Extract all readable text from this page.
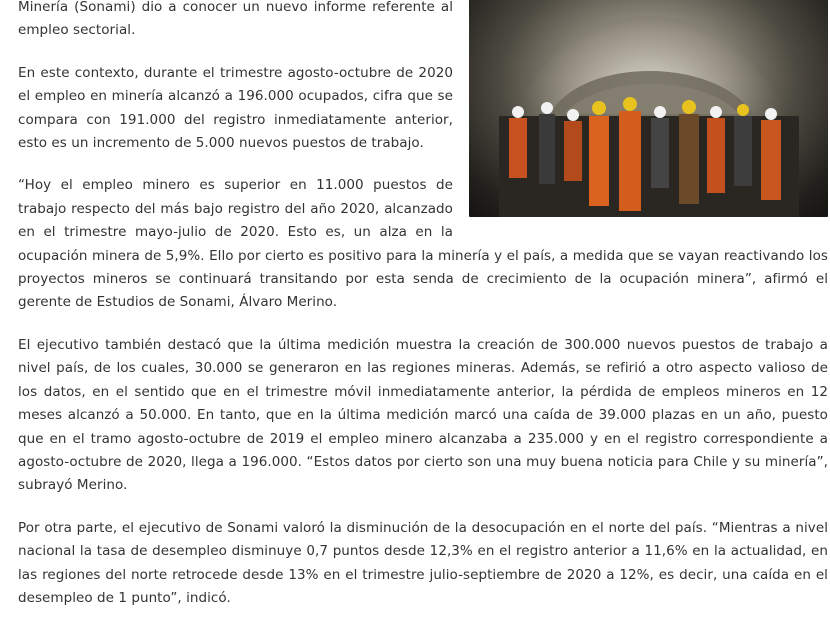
Minería (Sonami) dio a conocer un nuevo informe referente al empleo sectorial.

En este contexto, durante el trimestre agosto-octubre de 2020 el empleo en minería alcanzó a 196.000 ocupados, cifra que se compara con 191.000 del registro inmediatamente anterior, esto es un incremento de 5.000 nuevos puestos de trabajo.

“Hoy el empleo minero es superior en 11.000 puestos de trabajo respecto del más bajo registro del año 2020, alcanzado en el trimestre mayo-julio de 2020. Esto es, un alza en la ocupación minera de 5,9%. Ello por cierto es positivo para la minería y el país, a medida que se vayan reactivando los proyectos mineros se continuará transitando por esta senda de crecimiento de la ocupación minera”, afirmó el gerente de Estudios de Sonami, Álvaro Merino.

El ejecutivo también destacó que la última medición muestra la creación de 300.000 nuevos puestos de trabajo a nivel país, de los cuales, 30.000 se generaron en las regiones mineras. Además, se refirió a otro aspecto valioso de los datos, en el sentido que en el trimestre móvil inmediatamente anterior, la pérdida de empleos mineros en 12 meses alcanzó a 50.000. En tanto, que en la última medición marcó una caída de 39.000 plazas en un año, puesto que en el tramo agosto-octubre de 2019 el empleo minero alcanzaba a 235.000 y en el registro correspondiente a agosto-octubre de 2020, llega a 196.000. “Estos datos por cierto son una muy buena noticia para Chile y su minería”, subrayó Merino.

Por otra parte, el ejecutivo de Sonami valoró la disminución de la desocupación en el norte del país. “Mientras a nivel nacional la tasa de desempleo disminuye 0,7 puntos desde 12,3% en el registro anterior a 11,6% en la actualidad, en las regiones del norte retrocede desde 13% en el trimestre julio-septiembre de 2020 a 12%, es decir, una caída en el desempleo de 1 punto”, indicó.
